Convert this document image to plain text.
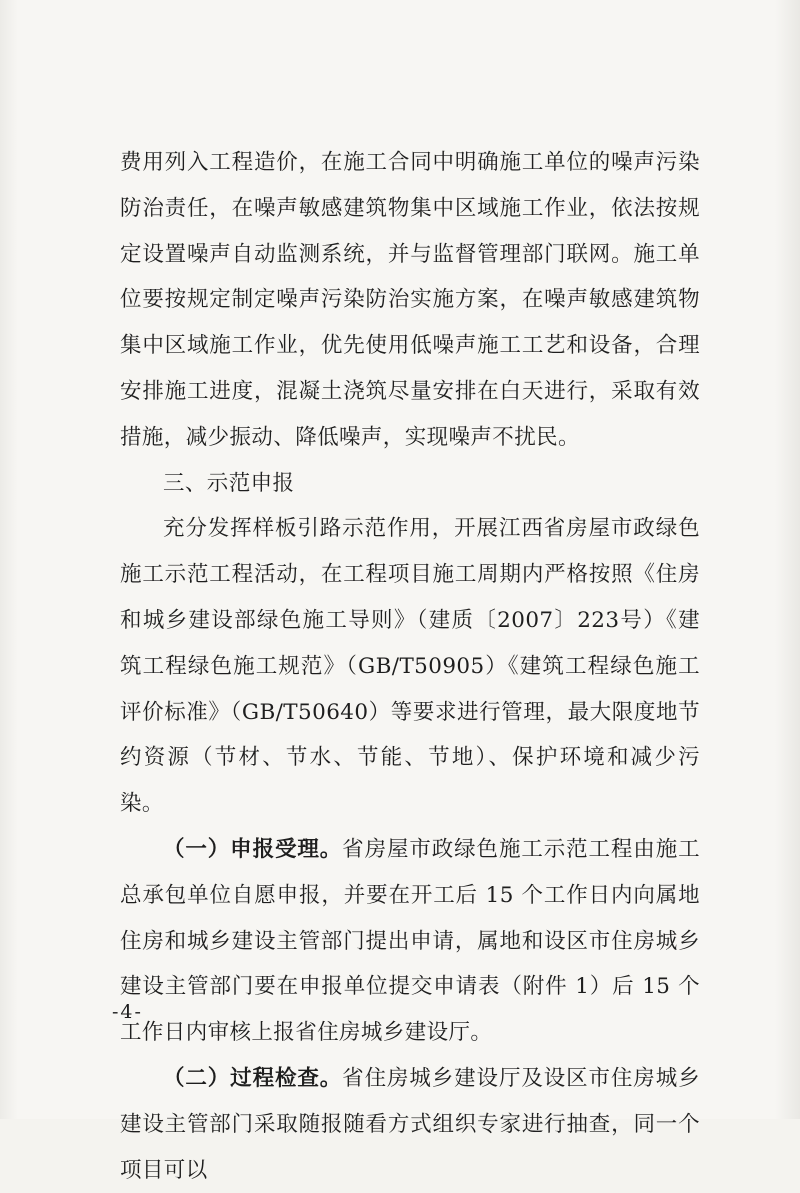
费用列入工程造价，在施工合同中明确施工单位的噪声污染防治责任，在噪声敏感建筑物集中区域施工作业，依法按规定设置噪声自动监测系统，并与监督管理部门联网。施工单位要按规定制定噪声污染防治实施方案，在噪声敏感建筑物集中区域施工作业，优先使用低噪声施工工艺和设备，合理安排施工进度，混凝土浇筑尽量安排在白天进行，采取有效措施，减少振动、降低噪声，实现噪声不扰民。

三、示范申报

充分发挥样板引路示范作用，开展江西省房屋市政绿色施工示范工程活动，在工程项目施工周期内严格按照《住房和城乡建设部绿色施工导则》（建质〔2007〕223号）《建筑工程绿色施工规范》（GB/T50905）《建筑工程绿色施工评价标准》（GB/T50640）等要求进行管理，最大限度地节约资源（节材、节水、节能、节地）、保护环境和减少污染。

（一）申报受理。省房屋市政绿色施工示范工程由施工总承包单位自愿申报，并要在开工后 15 个工作日内向属地住房和城乡建设主管部门提出申请，属地和设区市住房城乡建设主管部门要在申报单位提交申请表（附件 1）后 15 个工作日内审核上报省住房城乡建设厅。

（二）过程检查。省住房城乡建设厅及设区市住房城乡建设主管部门采取随报随看方式组织专家进行抽查，同一个项目可以

-4-
